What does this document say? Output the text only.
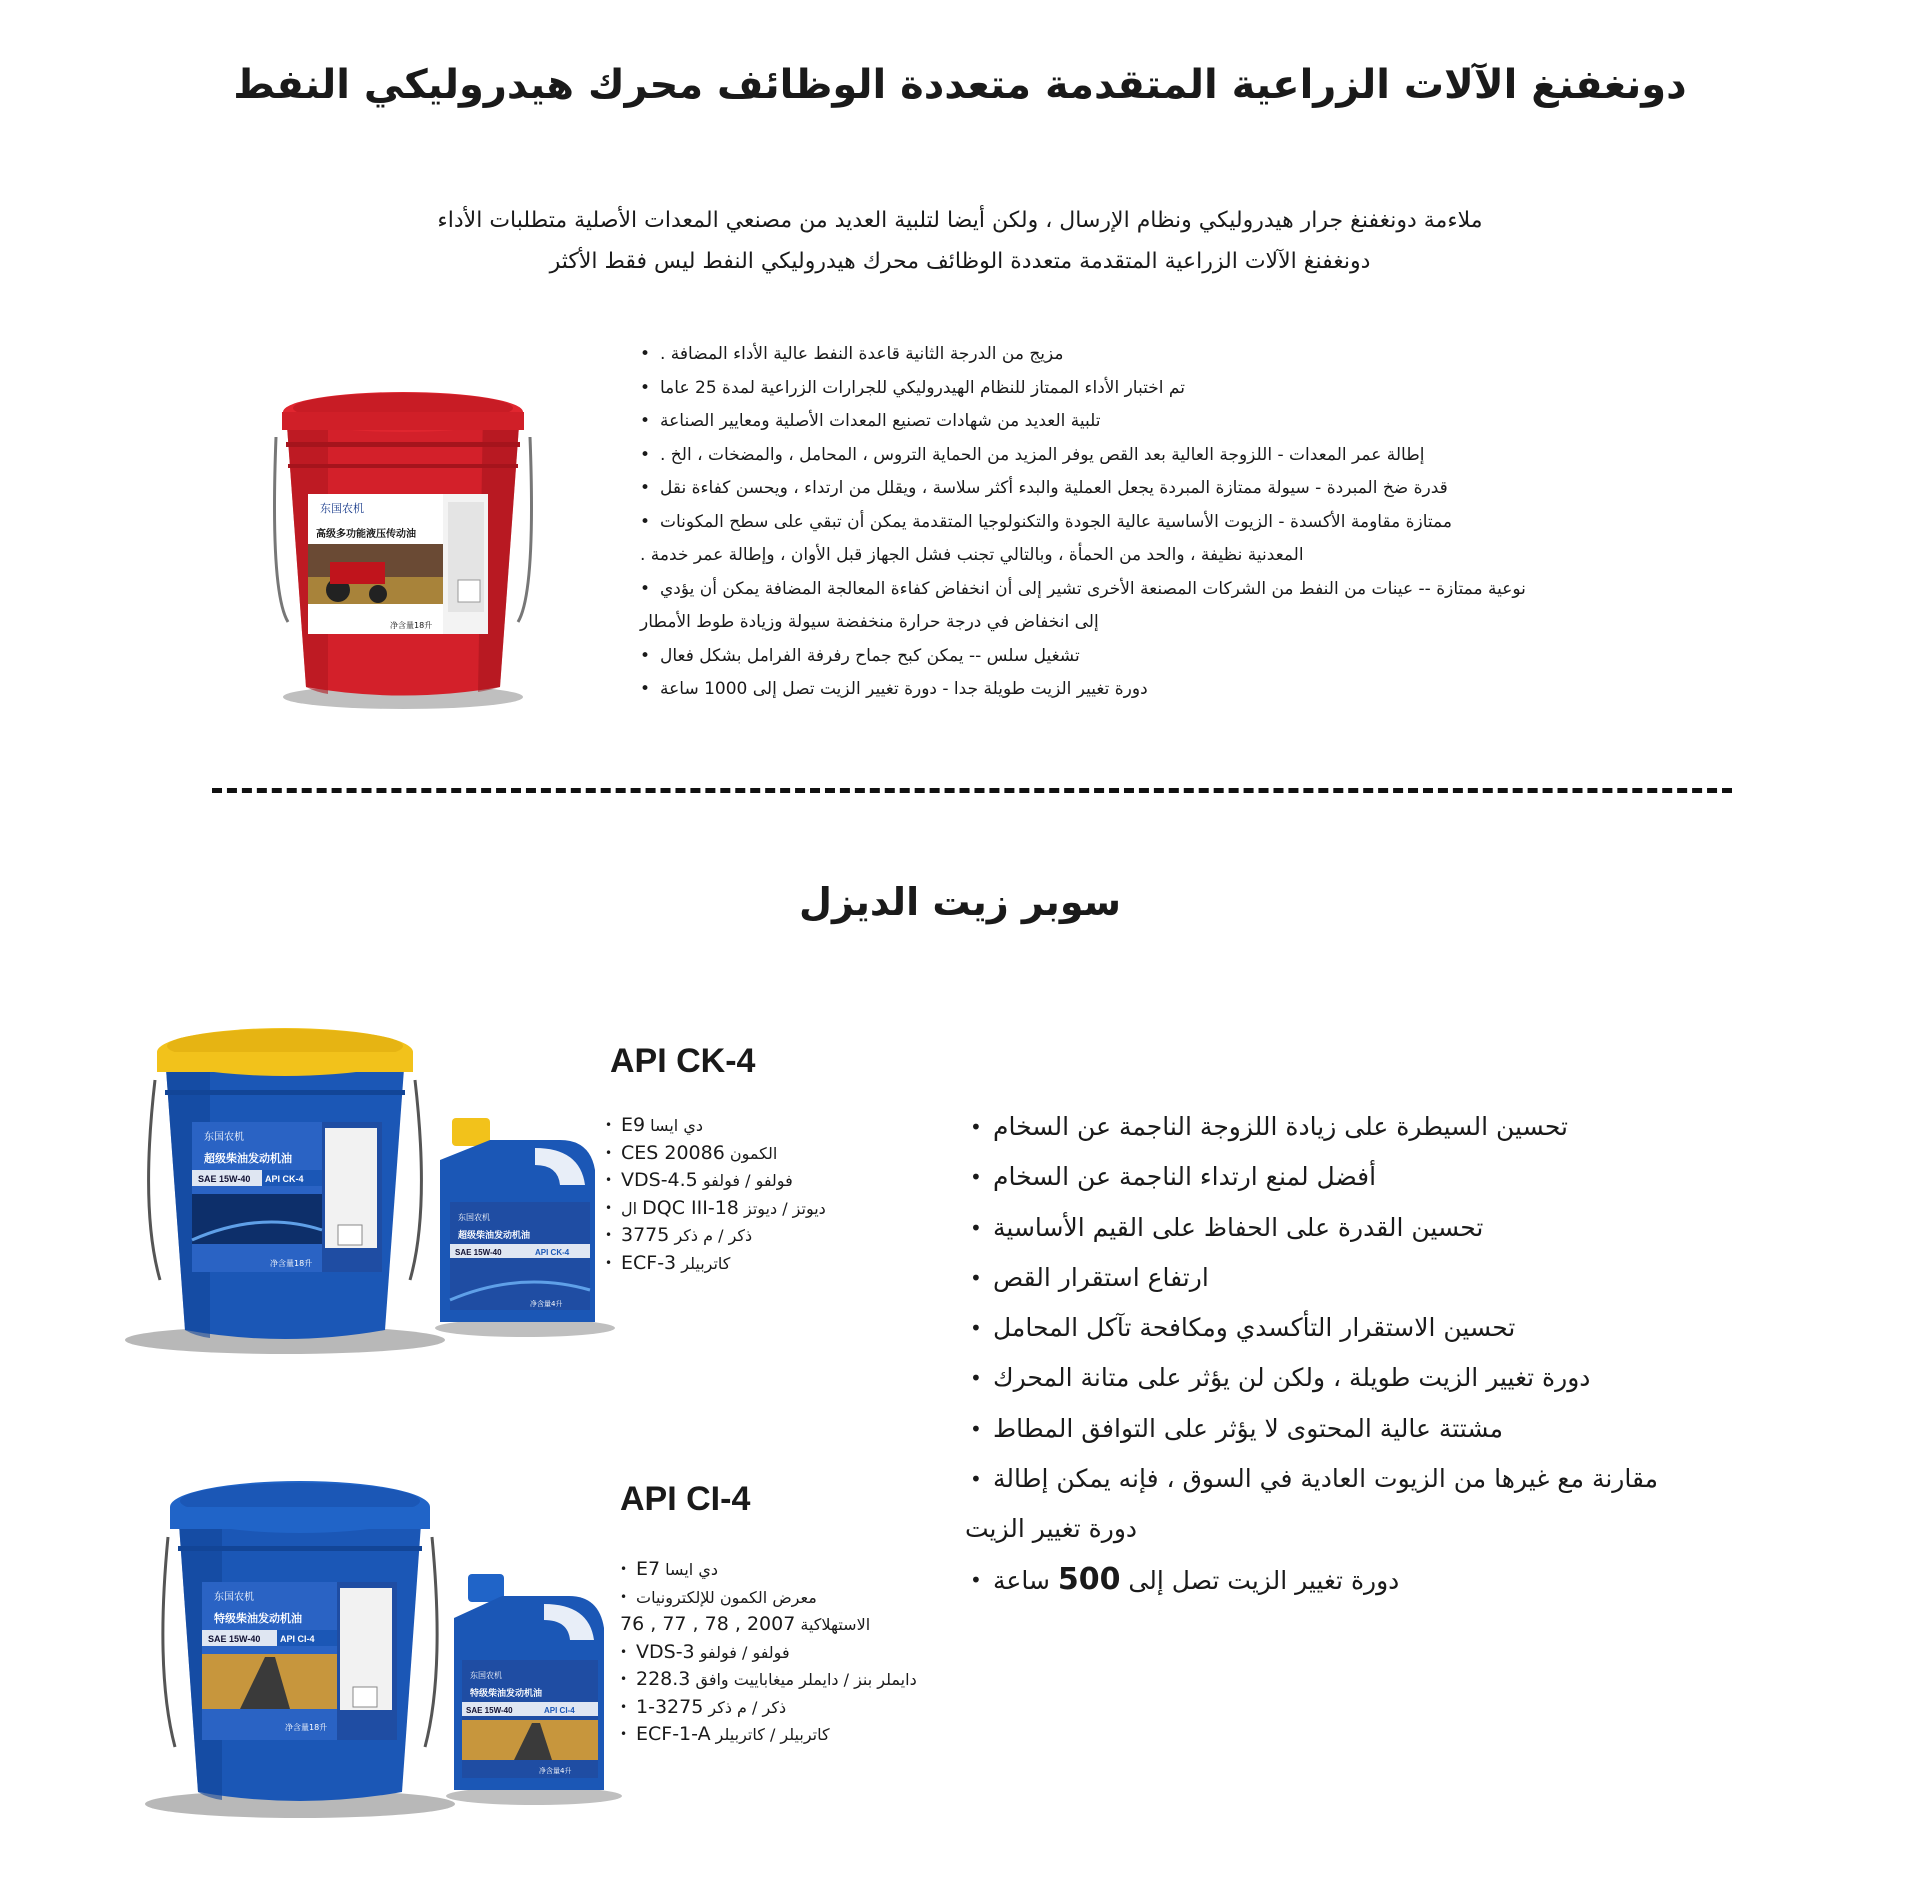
دونغفنغ الآلات الزراعية المتقدمة متعددة الوظائف محرك هيدروليكي النفط
ملاءمة دونغفنغ جرار هيدروليكي ونظام الإرسال ، ولكن أيضا لتلبية العديد من مصنعي المعدات الأصلية متطلبات الأداء
دونغفنغ الآلات الزراعية المتقدمة متعددة الوظائف محرك هيدروليكي النفط ليس فقط الأكثر
东国农机
高级多功能液压传动油
净含量18升
• مزيج من الدرجة الثانية قاعدة النفط عالية الأداء المضافة .
• تم اختبار الأداء الممتاز للنظام الهيدروليكي للجرارات الزراعية لمدة 25 عاما
• تلبية العديد من شهادات تصنيع المعدات الأصلية ومعايير الصناعة
• إطالة عمر المعدات - اللزوجة العالية بعد القص يوفر المزيد من الحماية التروس ، المحامل ، والمضخات ، الخ .
• قدرة ضخ المبردة - سيولة ممتازة المبردة يجعل العملية والبدء أكثر سلاسة ، ويقلل من ارتداء ، ويحسن كفاءة نقل
• ممتازة مقاومة الأكسدة - الزيوت الأساسية عالية الجودة والتكنولوجيا المتقدمة يمكن أن تبقي على سطح المكونات
المعدنية نظيفة ، والحد من الحمأة ، وبالتالي تجنب فشل الجهاز قبل الأوان ، وإطالة عمر خدمة .
• نوعية ممتازة -- عينات من النفط من الشركات المصنعة الأخرى تشير إلى أن انخفاض كفاءة المعالجة المضافة يمكن أن يؤدي
إلى انخفاض في درجة حرارة منخفضة سيولة وزيادة طوط الأمطار
• تشغيل سلس -- يمكن كبح جماح رفرفة الفرامل بشكل فعال
• دورة تغيير الزيت طويلة جدا - دورة تغيير الزيت تصل إلى 1000 ساعة
سوبر زيت الديزل
东国农机
超级柴油发动机油
SAE 15W-40 API CK-4
净含量18升
东国农机
超级柴油发动机油
SAE 15W-40	API CK-4
净含量4升
API CK-4
• دي ايسا E9
• الكمون CES 20086
• فولفو / فولفو VDS-4.5
• ديوتز / ديوتز DQC III-18 ال
• ذكر / م ذكر 3775
• كاتربيلر ECF-3
东国农机
特级柴油发动机油
SAE 15W-40 API CI-4
净含量18升
东国农机
特级柴油发动机油
SAE 15W-40	API CI-4
净含量4升
API CI-4
• دي ايسا E7
• معرض الكمون للإلكترونيات
الاستهلاكية 2007 , 78 , 77 , 76
• فولفو / فولفو VDS-3
• دايملر بنز / دايملر ميغاباييت وافق 228.3
• ذكر / م ذكر 3275-1
• كاتربيلر / كاتربيلر ECF-1-A
• تحسين السيطرة على زيادة اللزوجة الناجمة عن السخام
• أفضل لمنع ارتداء الناجمة عن السخام
• تحسين القدرة على الحفاظ على القيم الأساسية
• ارتفاع استقرار القص
• تحسين الاستقرار التأكسدي ومكافحة تآكل المحامل
• دورة تغيير الزيت طويلة ، ولكن لن يؤثر على متانة المحرك
• مشتتة عالية المحتوى لا يؤثر على التوافق المطاط
• مقارنة مع غيرها من الزيوت العادية في السوق ، فإنه يمكن إطالة
دورة تغيير الزيت
• دورة تغيير الزيت تصل إلى 500 ساعة
